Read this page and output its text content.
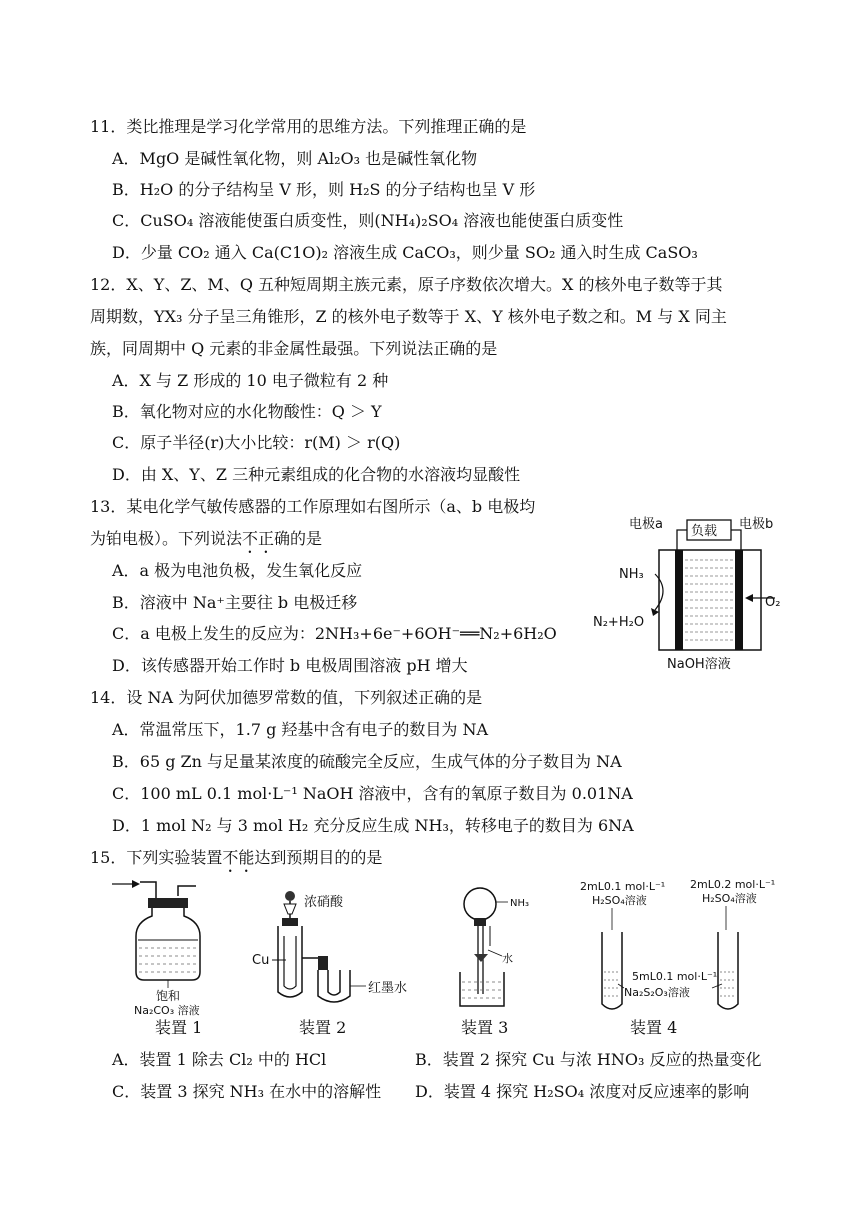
11．类比推理是学习化学常用的思维方法。下列推理正确的是
A．MgO 是碱性氧化物，则 Al₂O₃ 也是碱性氧化物
B．H₂O 的分子结构呈 V 形，则 H₂S 的分子结构也呈 V 形
C．CuSO₄ 溶液能使蛋白质变性，则(NH₄)₂SO₄ 溶液也能使蛋白质变性
D．少量 CO₂ 通入 Ca(C1O)₂ 溶液生成 CaCO₃，则少量 SO₂ 通入时生成 CaSO₃
12．X、Y、Z、M、Q 五种短周期主族元素，原子序数依次增大。X 的核外电子数等于其
周期数，YX₃ 分子呈三角锥形，Z 的核外电子数等于 X、Y 核外电子数之和。M 与 X 同主
族，同周期中 Q 元素的非金属性最强。下列说法正确的是
A．X 与 Z 形成的 10 电子微粒有 2 种
B．氧化物对应的水化物酸性：Q ＞ Y
C．原子半径(r)大小比较：r(M) ＞ r(Q)
D．由 X、Y、Z 三种元素组成的化合物的水溶液均显酸性
13．某电化学气敏传感器的工作原理如右图所示（a、b 电极均
为铂电极）。下列说法不正确的是
A．a 极为电池负极，发生氧化反应
B．溶液中 Na⁺主要往 b 电极迁移
C．a 电极上发生的反应为：2NH₃+6e⁻+6OH⁻══N₂+6H₂O
D．该传感器开始工作时 b 电极周围溶液 pH 增大
电极a	电极b
负载
NH₃
N₂+H₂O
O₂
NaOH溶液
14．设 NA 为阿伏加德罗常数的值，下列叙述正确的是
A．常温常压下，1.7 g 羟基中含有电子的数目为 NA
B．65 g Zn 与足量某浓度的硫酸完全反应，生成气体的分子数目为 NA
C．100 mL 0.1 mol·L⁻¹ NaOH 溶液中，含有的氧原子数目为 0.01NA
D．1 mol N₂ 与 3 mol H₂ 充分反应生成 NH₃，转移电子的数目为 6NA
15．下列实验装置不能达到预期目的的是
饱和
Na₂CO₃ 溶液
装置 1
浓硝酸
Cu
红墨水
装置 2
NH₃
水
装置 3
2mL0.1 mol·L⁻¹
H₂SO₄溶液
2mL0.2 mol·L⁻¹
H₂SO₄溶液
5mL0.1 mol·L⁻¹
Na₂S₂O₃溶液
装置 4
A．装置 1 除去 Cl₂ 中的 HCl	B．装置 2 探究 Cu 与浓 HNO₃ 反应的热量变化
C．装置 3 探究 NH₃ 在水中的溶解性 D．装置 4 探究 H₂SO₄ 浓度对反应速率的影响
